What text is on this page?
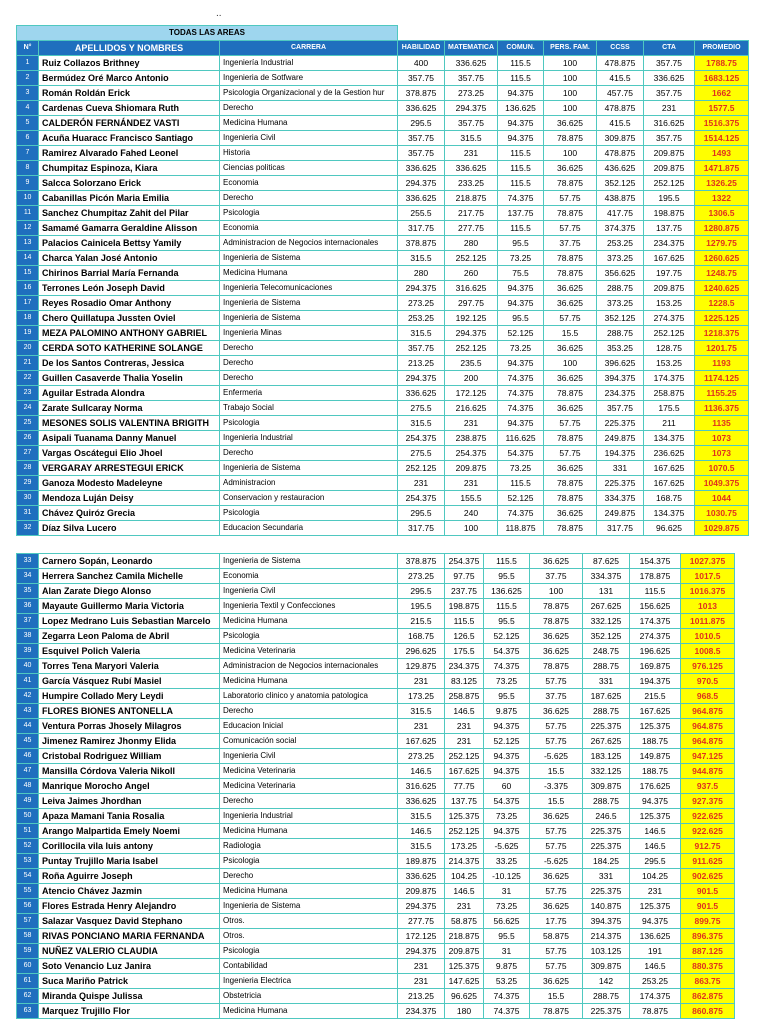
..
TODAS LAS AREAS									
N°	APELLIDOS Y NOMBRES	CARRERA	HABILIDAD	MATEMATICA	COMUN.	PERS. FAM.	CCSS	CTA	PROMEDIO
1	Ruiz Collazos Brithney	Ingeniería Industrial	400	336.625	115.5	100	478.875	357.75	1788.75
2	Bermúdez Oré Marco Antonio	Ingenieria de Sotfware	357.75	357.75	115.5	100	415.5	336.625	1683.125
3	Román Roldán Erick	Psicologia Organizacional y de la Gestion hur	378.875	273.25	94.375	100	457.75	357.75	1662
4	Cardenas Cueva Shiomara Ruth	Derecho	336.625	294.375	136.625	100	478.875	231	1577.5
5	CALDERÓN FERNÁNDEZ VASTI	Medicina Humana	295.5	357.75	94.375	36.625	415.5	316.625	1516.375
6	Acuña Huaracc Francisco Santiago	Ingenieria Civil	357.75	315.5	94.375	78.875	309.875	357.75	1514.125
7	Ramirez Alvarado Fahed Leonel	Historia	357.75	231	115.5	100	478.875	209.875	1493
8	Chumpitaz Espinoza, Kiara	Ciencias politicas	336.625	336.625	115.5	36.625	436.625	209.875	1471.875
9	Salcca Solorzano Erick	Economia	294.375	233.25	115.5	78.875	352.125	252.125	1326.25
10	Cabanillas Picón Maria Emilia	Derecho	336.625	218.875	74.375	57.75	438.875	195.5	1322
11	Sanchez Chumpitaz Zahit del Pilar	Psicologia	255.5	217.75	137.75	78.875	417.75	198.875	1306.5
12	Samamé Gamarra Geraldine Alisson	Economia	317.75	277.75	115.5	57.75	374.375	137.75	1280.875
13	Palacios Cainicela Bettsy Yamily	Administracion de Negocios internacionales	378.875	280	95.5	37.75	253.25	234.375	1279.75
14	Charca Yalan José Antonio	Ingenieria de Sistema	315.5	252.125	73.25	78.875	373.25	167.625	1260.625
15	Chirinos Barrial María Fernanda	Medicina Humana	280	260	75.5	78.875	356.625	197.75	1248.75
16	Terrones León Joseph David	Ingenieria Telecomunicaciones	294.375	316.625	94.375	36.625	288.75	209.875	1240.625
17	Reyes Rosadio Omar Anthony	Ingenieria de Sistema	273.25	297.75	94.375	36.625	373.25	153.25	1228.5
18	Chero Quillatupa Jussten Oviel	Ingenieria de Sistema	253.25	192.125	95.5	57.75	352.125	274.375	1225.125
19	MEZA PALOMINO ANTHONY GABRIEL	Ingenieria Minas	315.5	294.375	52.125	15.5	288.75	252.125	1218.375
20	CERDA SOTO KATHERINE SOLANGE	Derecho	357.75	252.125	73.25	36.625	353.25	128.75	1201.75
21	De los Santos Contreras, Jessica	Derecho	213.25	235.5	94.375	100	396.625	153.25	1193
22	Guillen Casaverde Thalia Yoselin	Derecho	294.375	200	74.375	36.625	394.375	174.375	1174.125
23	Aguilar Estrada Alondra	Enfermeria	336.625	172.125	74.375	78.875	234.375	258.875	1155.25
24	Zarate Sullcaray Norma	Trabajo Social	275.5	216.625	74.375	36.625	357.75	175.5	1136.375
25	MESONES SOLIS VALENTINA BRIGITH	Psicologia	315.5	231	94.375	57.75	225.375	211	1135
26	Asipali Tuanama Danny Manuel	Ingenieria Industrial	254.375	238.875	116.625	78.875	249.875	134.375	1073
27	Vargas Oscátegui Elio Jhoel	Derecho	275.5	254.375	54.375	57.75	194.375	236.625	1073
28	VERGARAY ARRESTEGUI ERICK	Ingenieria de Sistema	252.125	209.875	73.25	36.625	331	167.625	1070.5
29	Ganoza Modesto Madeleyne	Administracion	231	231	115.5	78.875	225.375	167.625	1049.375
30	Mendoza Luján Deisy	Conservacion y restauracion	254.375	155.5	52.125	78.875	334.375	168.75	1044
31	Chávez Quiróz Grecia	Psicologia	295.5	240	74.375	36.625	249.875	134.375	1030.75
32	Díaz Silva Lucero	Educacion Secundaria	317.75	100	118.875	78.875	317.75	96.625	1029.875
33	Carnero Sopán, Leonardo	Ingenieria de Sistema	378.875	254.375	115.5	36.625	87.625	154.375	1027.375
34	Herrera Sanchez Camila Michelle	Economia	273.25	97.75	95.5	37.75	334.375	178.875	1017.5
35	Alan Zarate Diego Alonso	Ingenieria Civil	295.5	237.75	136.625	100	131	115.5	1016.375
36	Mayaute Guillermo Maria Victoria	Ingenieria Textil y Confecciones	195.5	198.875	115.5	78.875	267.625	156.625	1013
37	Lopez Medrano Luis Sebastian Marcelo	Medicina Humana	215.5	115.5	95.5	78.875	332.125	174.375	1011.875
38	Zegarra Leon Paloma de Abril	Psicologia	168.75	126.5	52.125	36.625	352.125	274.375	1010.5
39	Esquivel Polich Valeria	Medicina Veterinaria	296.625	175.5	54.375	36.625	248.75	196.625	1008.5
40	Torres Tena Maryori Valeria	Administracion de Negocios internacionales	129.875	234.375	74.375	78.875	288.75	169.875	976.125
41	García Vásquez Rubí Masiel	Medicina Humana	231	83.125	73.25	57.75	331	194.375	970.5
42	Humpire Collado Mery Leydi	Laboratorio clinico y anatomia patologica	173.25	258.875	95.5	37.75	187.625	215.5	968.5
43	FLORES BIONES ANTONELLA	Derecho	315.5	146.5	9.875	36.625	288.75	167.625	964.875
44	Ventura Porras Jhosely Milagros	Educacion Inicial	231	231	94.375	57.75	225.375	125.375	964.875
45	Jimenez Ramirez Jhonmy Elida	Comunicación social	167.625	231	52.125	57.75	267.625	188.75	964.875
46	Cristobal Rodriguez William	Ingenieria Civil	273.25	252.125	94.375	-5.625	183.125	149.875	947.125
47	Mansilla Córdova Valeria Nikoll	Medicina Veterinaria	146.5	167.625	94.375	15.5	332.125	188.75	944.875
48	Manrique Morocho Angel	Medicina Veterinaria	316.625	77.75	60	-3.375	309.875	176.625	937.5
49	Leiva Jaimes Jhordhan	Derecho	336.625	137.75	54.375	15.5	288.75	94.375	927.375
50	Apaza Mamani Tania Rosalia	Ingenieria Industrial	315.5	125.375	73.25	36.625	246.5	125.375	922.625
51	Arango Malpartida Emely Noemi	Medicina Humana	146.5	252.125	94.375	57.75	225.375	146.5	922.625
52	Corillocila vila luis antony	Radiologia	315.5	173.25	-5.625	57.75	225.375	146.5	912.75
53	Puntay Trujillo Maria Isabel	Psicologia	189.875	214.375	33.25	-5.625	184.25	295.5	911.625
54	Roña Aguirre Joseph	Derecho	336.625	104.25	-10.125	36.625	331	104.25	902.625
55	Atencio Chávez Jazmin	Medicina Humana	209.875	146.5	31	57.75	225.375	231	901.5
56	Flores Estrada Henry Alejandro	Ingenieria de Sistema	294.375	231	73.25	36.625	140.875	125.375	901.5
57	Salazar Vasquez David Stephano	Otros.	277.75	58.875	56.625	17.75	394.375	94.375	899.75
58	RIVAS PONCIANO MARIA FERNANDA	Otros.	172.125	218.875	95.5	58.875	214.375	136.625	896.375
59	NUÑEZ VALERIO CLAUDIA	Psicologia	294.375	209.875	31	57.75	103.125	191	887.125
60	Soto Venancio Luz Janira	Contabilidad	231	125.375	9.875	57.75	309.875	146.5	880.375
61	Suca Mariño Patrick	Ingenieria Electrica	231	147.625	53.25	36.625	142	253.25	863.75
62	Miranda Quispe Julissa	Obstetricia	213.25	96.625	74.375	15.5	288.75	174.375	862.875
63	Marquez Trujillo Flor	Medicina Humana	234.375	180	74.375	78.875	225.375	78.875	860.875
